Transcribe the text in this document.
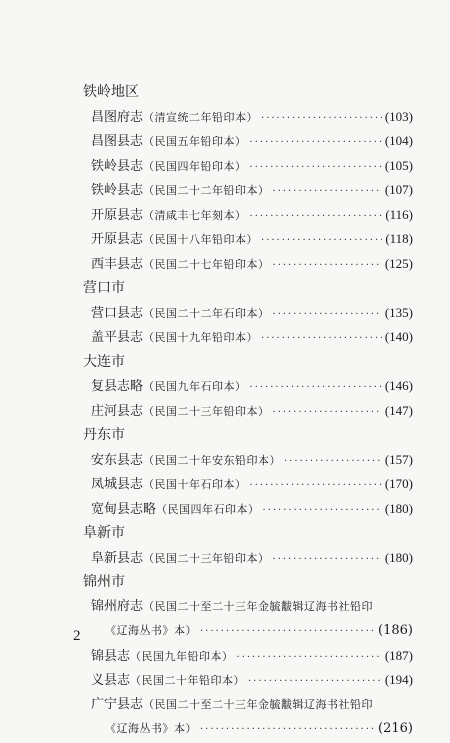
铁岭地区
昌图府志（清宣统二年铅印本） ·····	(103)
昌图县志（民国五年铅印本） ·····	(104)
铁岭县志（民国四年铅印本） ·····	(105)
铁岭县志（民国二十二年铅印本） ·····	(107)
开原县志（清咸丰七年刻本） ·····	(116)
开原县志（民国十八年铅印本） ·····	(118)
西丰县志（民国二十七年铅印本） ·····	(125)
营口市
营口县志（民国二十二年石印本） ·····	(135)
盖平县志（民国十九年铅印本） ·····	(140)
大连市
复县志略（民国九年石印本） ·····	(146)
庄河县志（民国二十三年铅印本） ·····	(147)
丹东市
安东县志（民国二十年安东铅印本） ·····	(157)
凤城县志（民国十年石印本） ·····	(170)
宽甸县志略（民国四年石印本） ·····	(180)
阜新市
阜新县志（民国二十三年铅印本） ·····	(180)
锦州市
锦州府志（民国二十至二十三年金毓黻辑辽海书社铅印
《辽海丛书》本） ·····	(186)
锦县志（民国九年铅印本） ·····	(187)
义县志（民国二十年铅印本） ·····	(194)
广宁县志（民国二十至二十三年金毓黻辑辽海书社铅印
《辽海丛书》本） ·····	(216)
2
